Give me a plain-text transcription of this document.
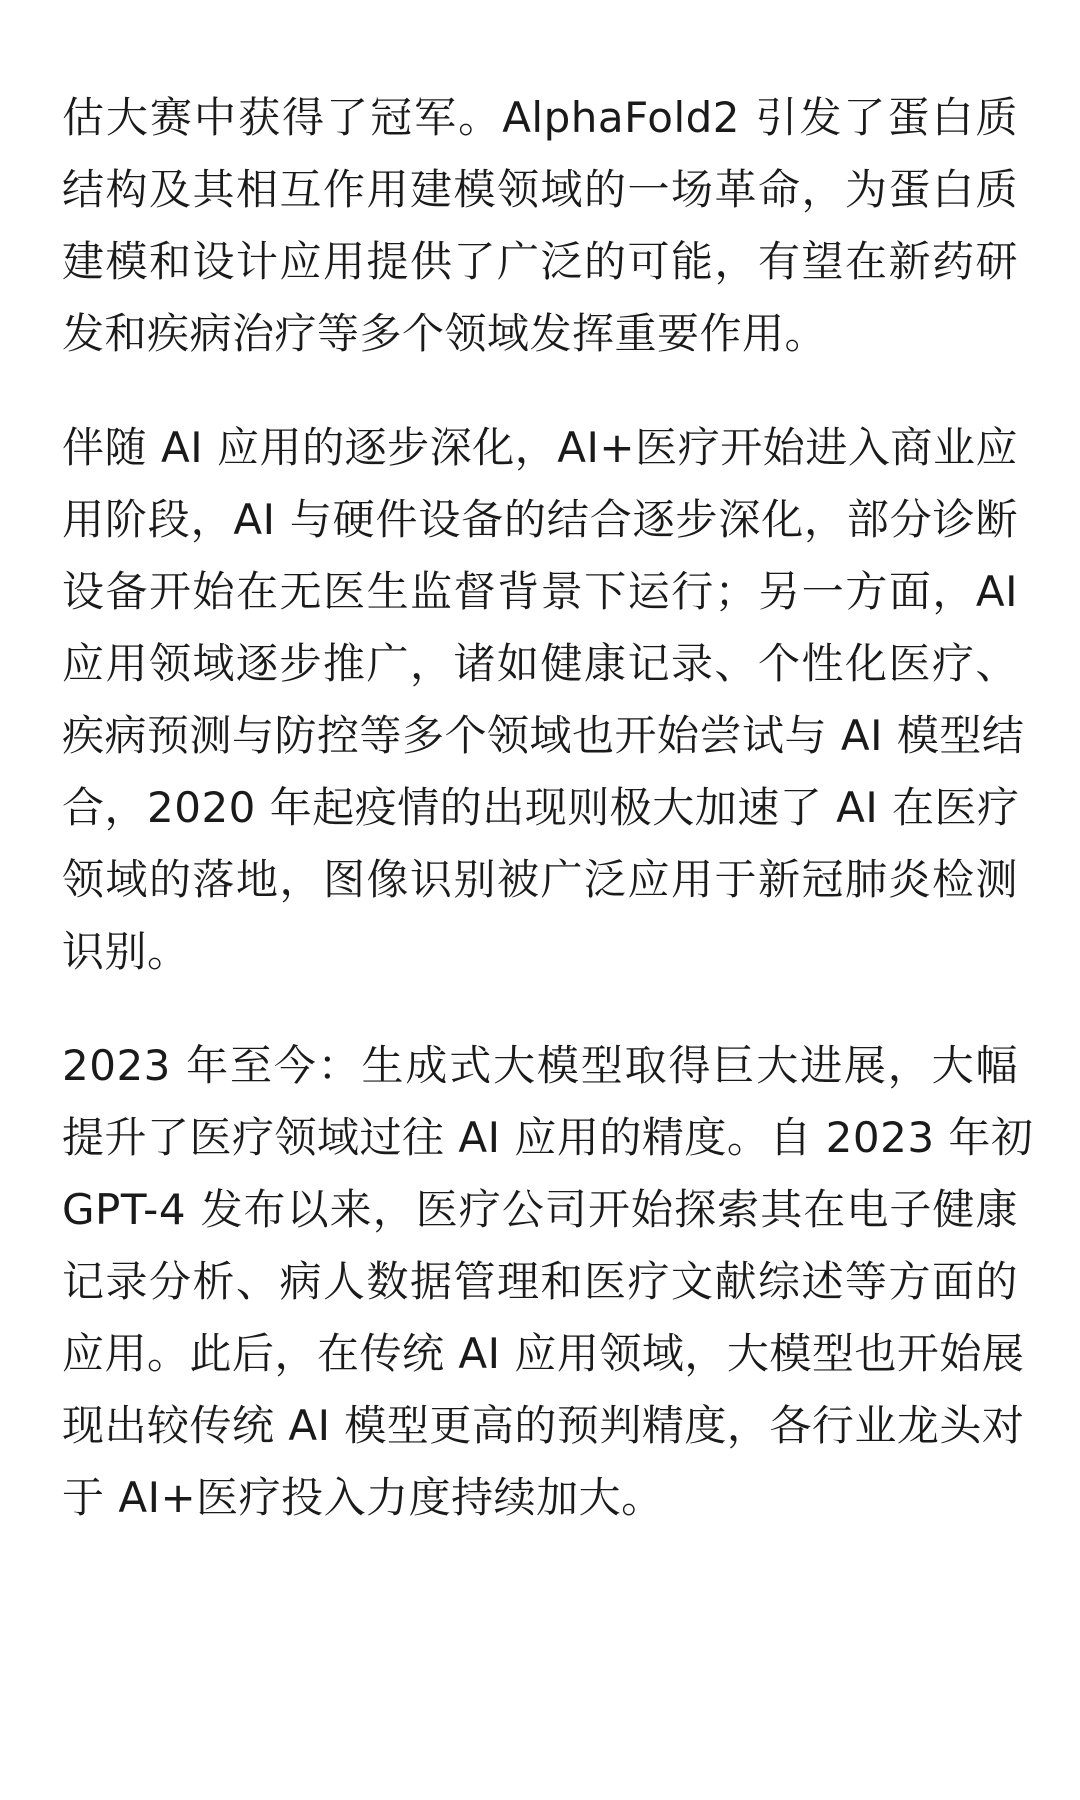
估大赛中获得了冠军。AlphaFold2 引发了蛋白质
结构及其相互作用建模领域的一场革命，为蛋白质
建模和设计应用提供了广泛的可能，有望在新药研
发和疾病治疗等多个领域发挥重要作用。
伴随 AI 应用的逐步深化，AI+医疗开始进入商业应
用阶段，AI 与硬件设备的结合逐步深化，部分诊断
设备开始在无医生监督背景下运行；另一方面，AI
应用领域逐步推广，诸如健康记录、个性化医疗、
疾病预测与防控等多个领域也开始尝试与 AI 模型结
合，2020 年起疫情的出现则极大加速了 AI 在医疗
领域的落地，图像识别被广泛应用于新冠肺炎检测
识别。
2023 年至今：生成式大模型取得巨大进展，大幅
提升了医疗领域过往 AI 应用的精度。自 2023 年初
GPT-4 发布以来，医疗公司开始探索其在电子健康
记录分析、病人数据管理和医疗文献综述等方面的
应用。此后，在传统 AI 应用领域，大模型也开始展
现出较传统 AI 模型更高的预判精度，各行业龙头对
于 AI+医疗投入力度持续加大。
